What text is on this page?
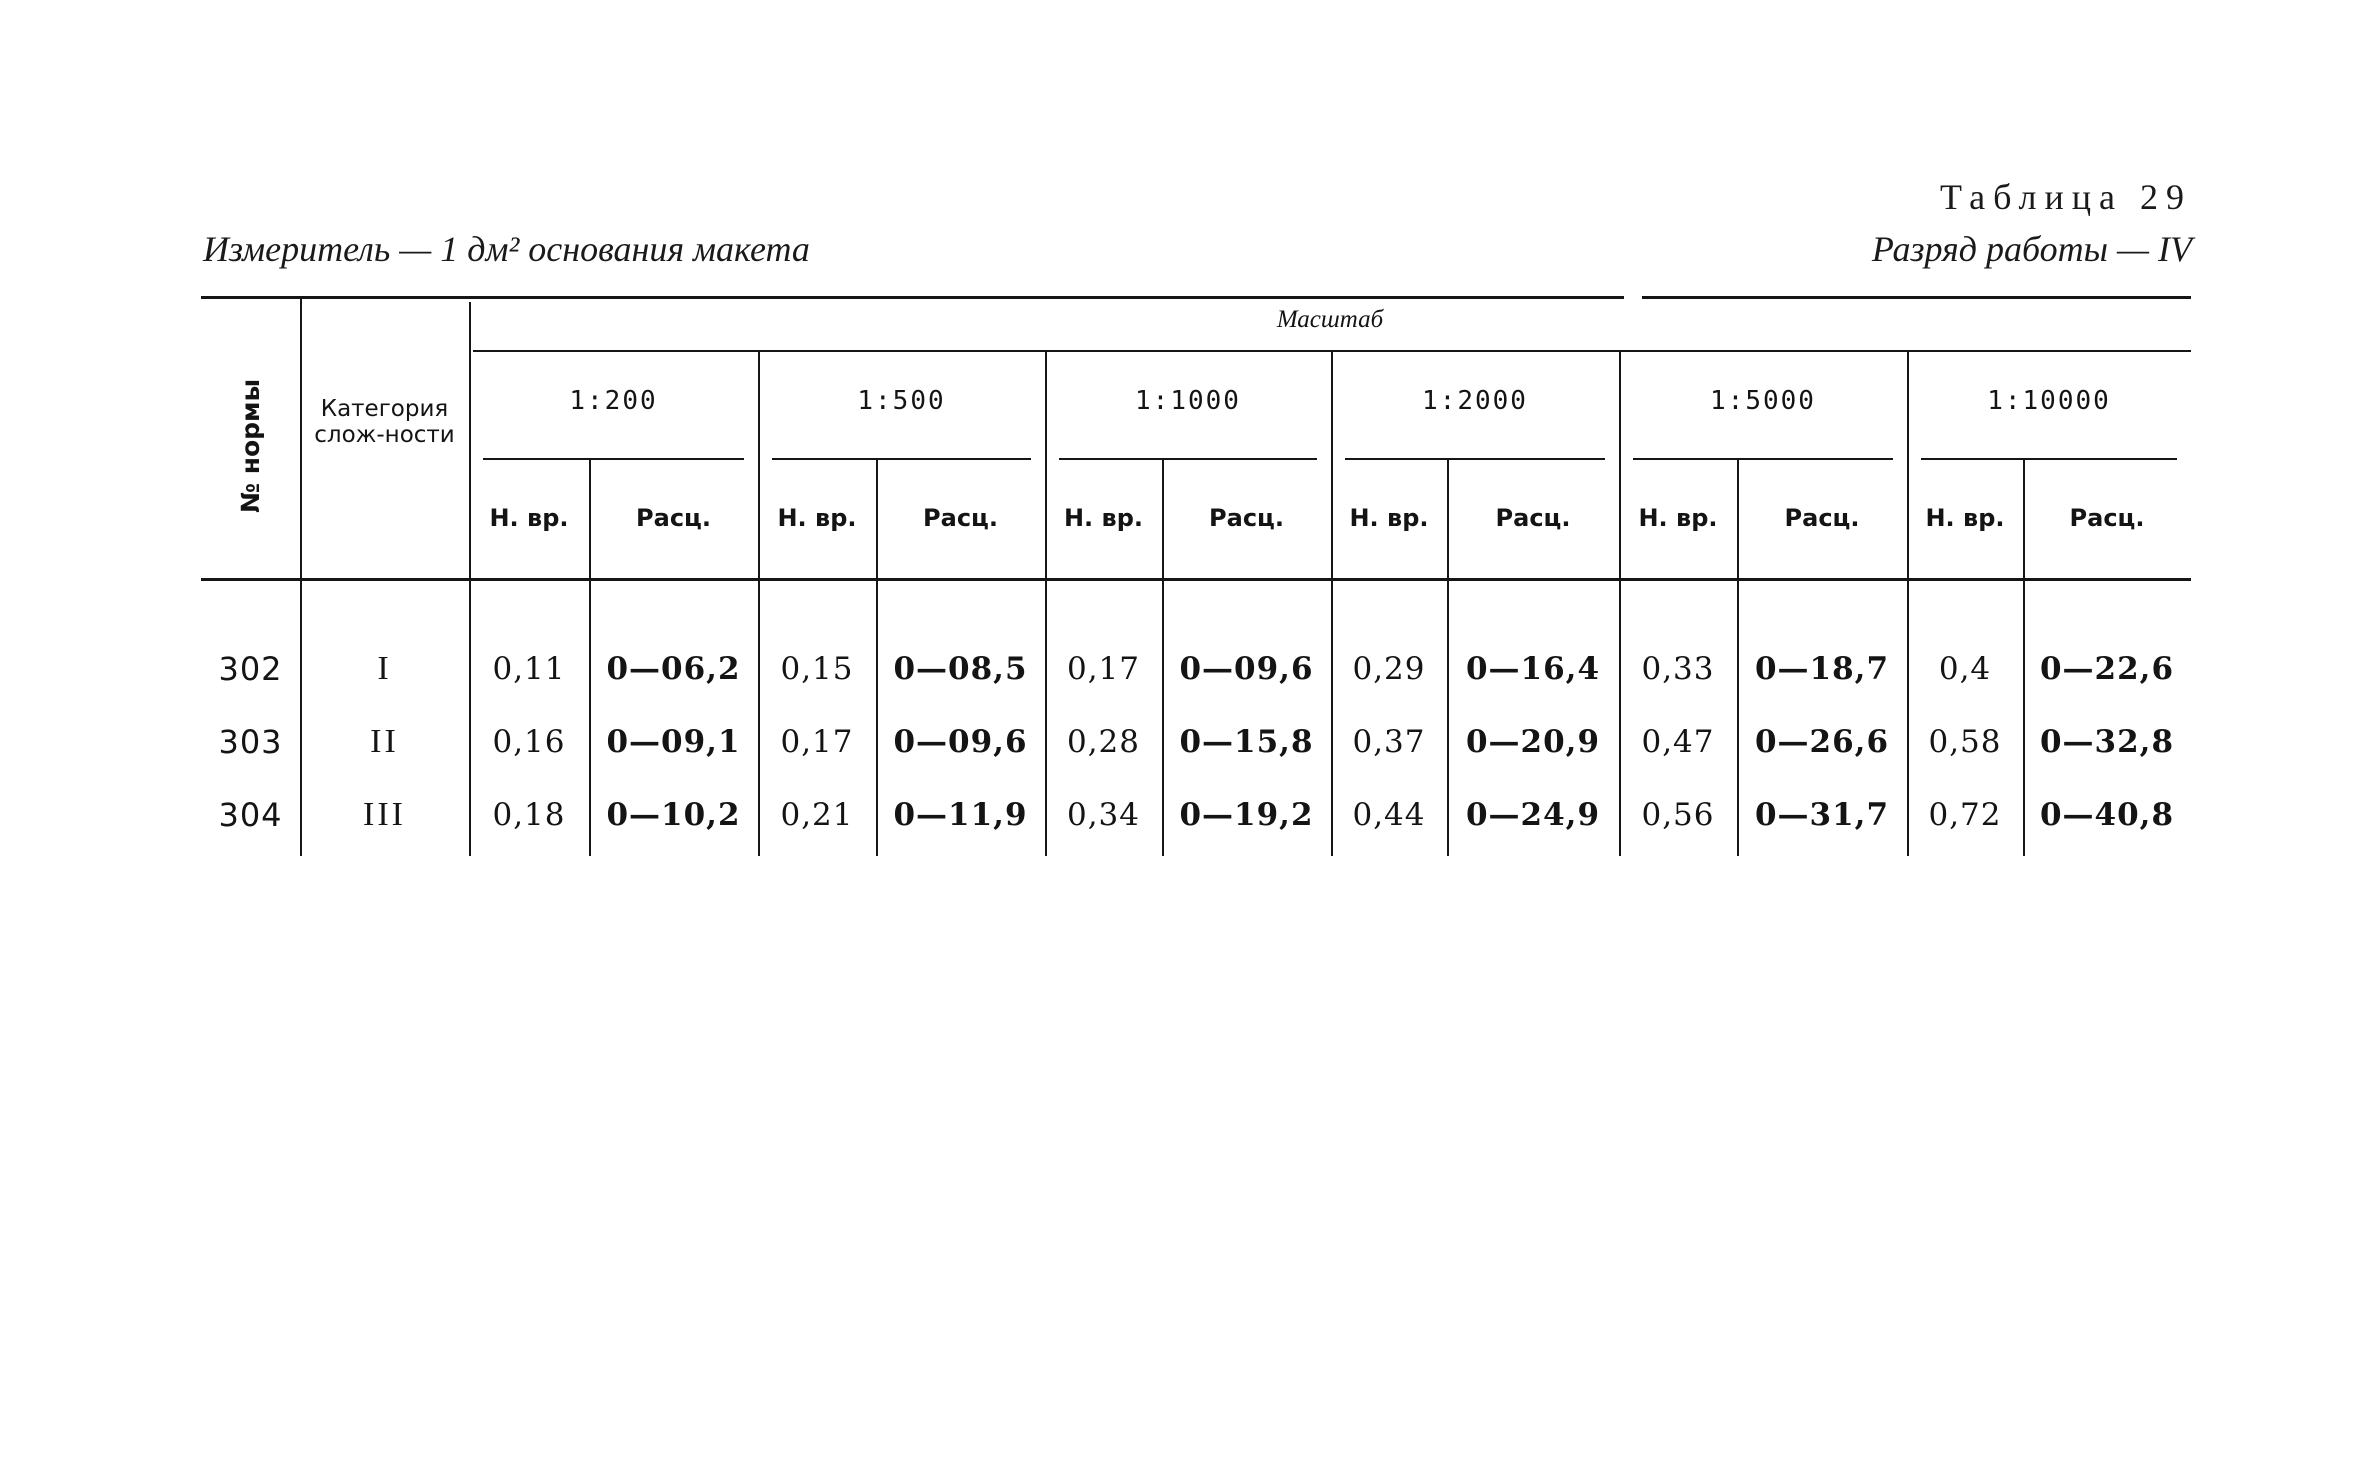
Таблица 29
Измеритель — 1 дм² основания макета	Разряд работы — IV
Масштаб
1:200
Н. вр.	Расц.
1:500
Н. вр.	Расц.
1:1000
Н. вр.	Расц.
1:2000
Н. вр.	Расц.
1:5000
Н. вр.	Расц.
1:10000
Н. вр.	Расц.
Категория слож-ности
№ нормы
302	I	0,11	0—06,2	0,15	0—08,5	0,17	0—09,6	0,29	0—16,4	0,33	0—18,7	0,4	0—22,6
303	II	0,16	0—09,1	0,17	0—09,6	0,28	0—15,8	0,37	0—20,9	0,47	0—26,6	0,58	0—32,8
304	III	0,18	0—10,2	0,21	0—11,9	0,34	0—19,2	0,44	0—24,9	0,56	0—31,7	0,72	0—40,8
